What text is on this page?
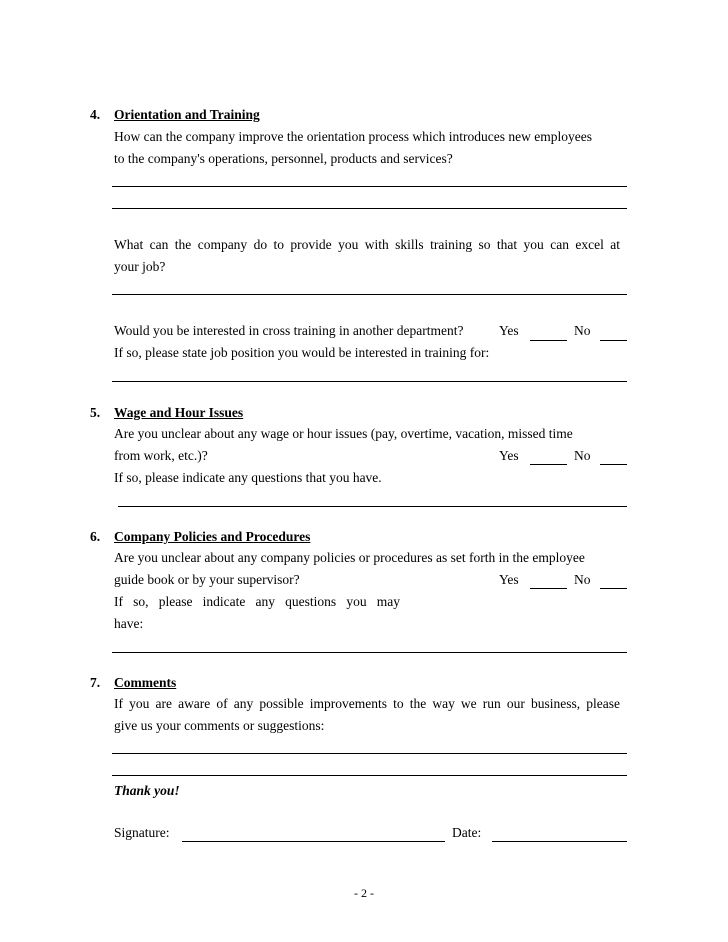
4. Orientation and Training
How can the company improve the orientation process which introduces new employees
to the company's operations, personnel, products and services?
What can the company do to provide you with skills training so that you can excel at
your job?
Would you be interested in cross training in another department?	Yes	No
If so, please state job position you would be interested in training for:
5. Wage and Hour Issues
Are you unclear about any wage or hour issues (pay, overtime, vacation, missed time
from work, etc.)?	Yes	No
If so, please indicate any questions that you have.
6. Company Policies and Procedures
Are you unclear about any company policies or procedures as set forth in the employee
guide book or by your supervisor?	Yes	No
If so, please indicate any questions you may
have:
7. Comments
If you are aware of any possible improvements to the way we run our business, please
give us your comments or suggestions:
Thank you!
Signature:	Date:
- 2 -
